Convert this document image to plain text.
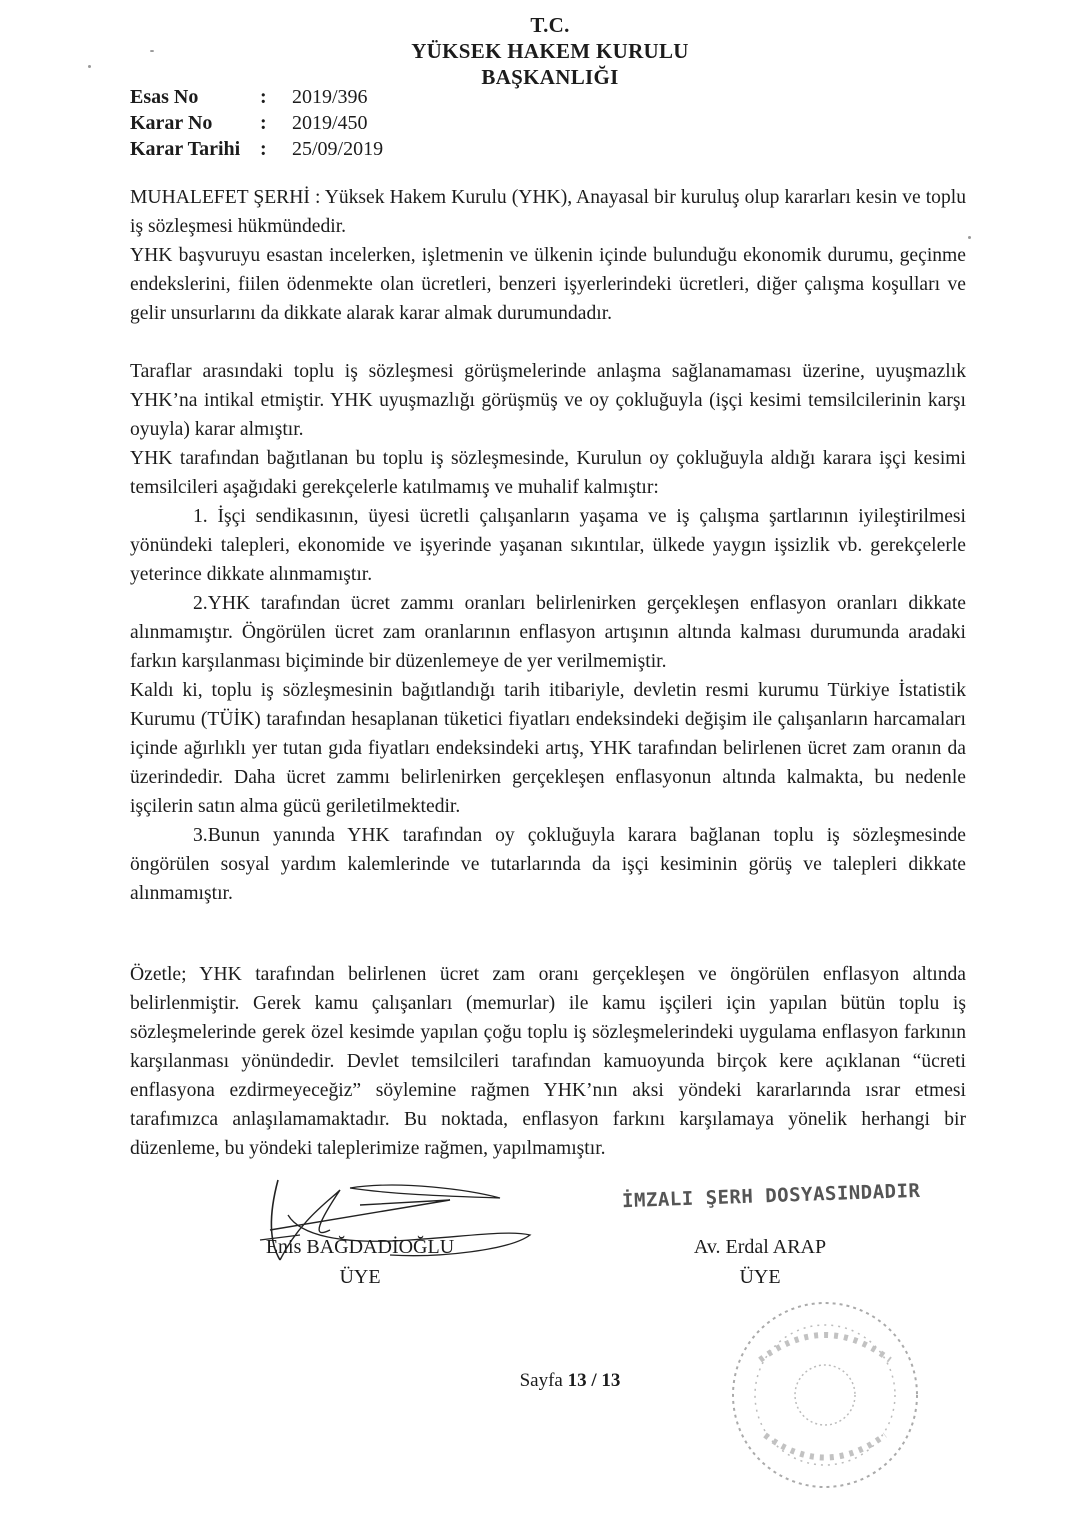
T.C.
YÜKSEK HAKEM KURULU
BAŞKANLIĞI
Esas No	:	2019/396
Karar No	:	2019/450
Karar Tarihi :	25/09/2019

MUHALEFET ŞERHİ : Yüksek Hakem Kurulu (YHK), Anayasal bir kuruluş olup kararları kesin ve toplu iş sözleşmesi hükmündedir.

YHK başvuruyu esastan incelerken, işletmenin ve ülkenin içinde bulunduğu ekonomik durumu, geçinme endekslerini, fiilen ödenmekte olan ücretleri, benzeri işyerlerindeki ücretleri, diğer çalışma koşulları ve gelir unsurlarını da dikkate alarak karar almak durumundadır.

Taraflar arasındaki toplu iş sözleşmesi görüşmelerinde anlaşma sağlanamaması üzerine, uyuşmazlık YHK’na intikal etmiştir. YHK uyuşmazlığı görüşmüş ve oy çokluğuyla (işçi kesimi temsilcilerinin karşı oyuyla) karar almıştır.

YHK tarafından bağıtlanan bu toplu iş sözleşmesinde, Kurulun oy çokluğuyla aldığı karara işçi kesimi temsilcileri aşağıdaki gerekçelerle katılmamış ve muhalif kalmıştır:

1. İşçi sendikasının, üyesi ücretli çalışanların yaşama ve iş çalışma şartlarının iyileştirilmesi yönündeki talepleri, ekonomide ve işyerinde yaşanan sıkıntılar, ülkede yaygın işsizlik vb. gerekçelerle yeterince dikkate alınmamıştır.

2.YHK tarafından ücret zammı oranları belirlenirken gerçekleşen enflasyon oranları dikkate alınmamıştır. Öngörülen ücret zam oranlarının enflasyon artışının altında kalması durumunda aradaki farkın karşılanması biçiminde bir düzenlemeye de yer verilmemiştir.

Kaldı ki, toplu iş sözleşmesinin bağıtlandığı tarih itibariyle, devletin resmi kurumu Türkiye İstatistik Kurumu (TÜİK) tarafından hesaplanan tüketici fiyatları endeksindeki değişim ile çalışanların harcamaları içinde ağırlıklı yer tutan gıda fiyatları endeksindeki artış, YHK tarafından belirlenen ücret zam oranın da üzerindedir. Daha ücret zammı belirlenirken gerçekleşen enflasyonun altında kalmakta, bu nedenle işçilerin satın alma gücü geriletilmektedir.

3.Bunun yanında YHK tarafından oy çokluğuyla karara bağlanan toplu iş sözleşmesinde öngörülen sosyal yardım kalemlerinde ve tutarlarında da işçi kesiminin görüş ve talepleri dikkate alınmamıştır.

Özetle; YHK tarafından belirlenen ücret zam oranı gerçekleşen ve öngörülen enflasyon altında belirlenmiştir. Gerek kamu çalışanları (memurlar) ile kamu işçileri için yapılan bütün toplu iş sözleşmelerinde gerek özel kesimde yapılan çoğu toplu iş sözleşmelerindeki uygulama enflasyon farkının karşılanması yönündedir. Devlet temsilcileri tarafından kamuoyunda birçok kere açıklanan “ücreti enflasyona ezdirmeyeceğiz” söylemine rağmen YHK’nın aksi yöndeki kararlarında ısrar etmesi tarafımızca anlaşılamamaktadır. Bu noktada, enflasyon farkını karşılamaya yönelik herhangi bir düzenleme, bu yöndeki taleplerimize rağmen, yapılmamıştır.

İMZALI ŞERH DOSYASINDADIR
Enis BAĞDADİOĞLU
ÜYE
Av. Erdal ARAP
ÜYE
Sayfa 13 / 13
